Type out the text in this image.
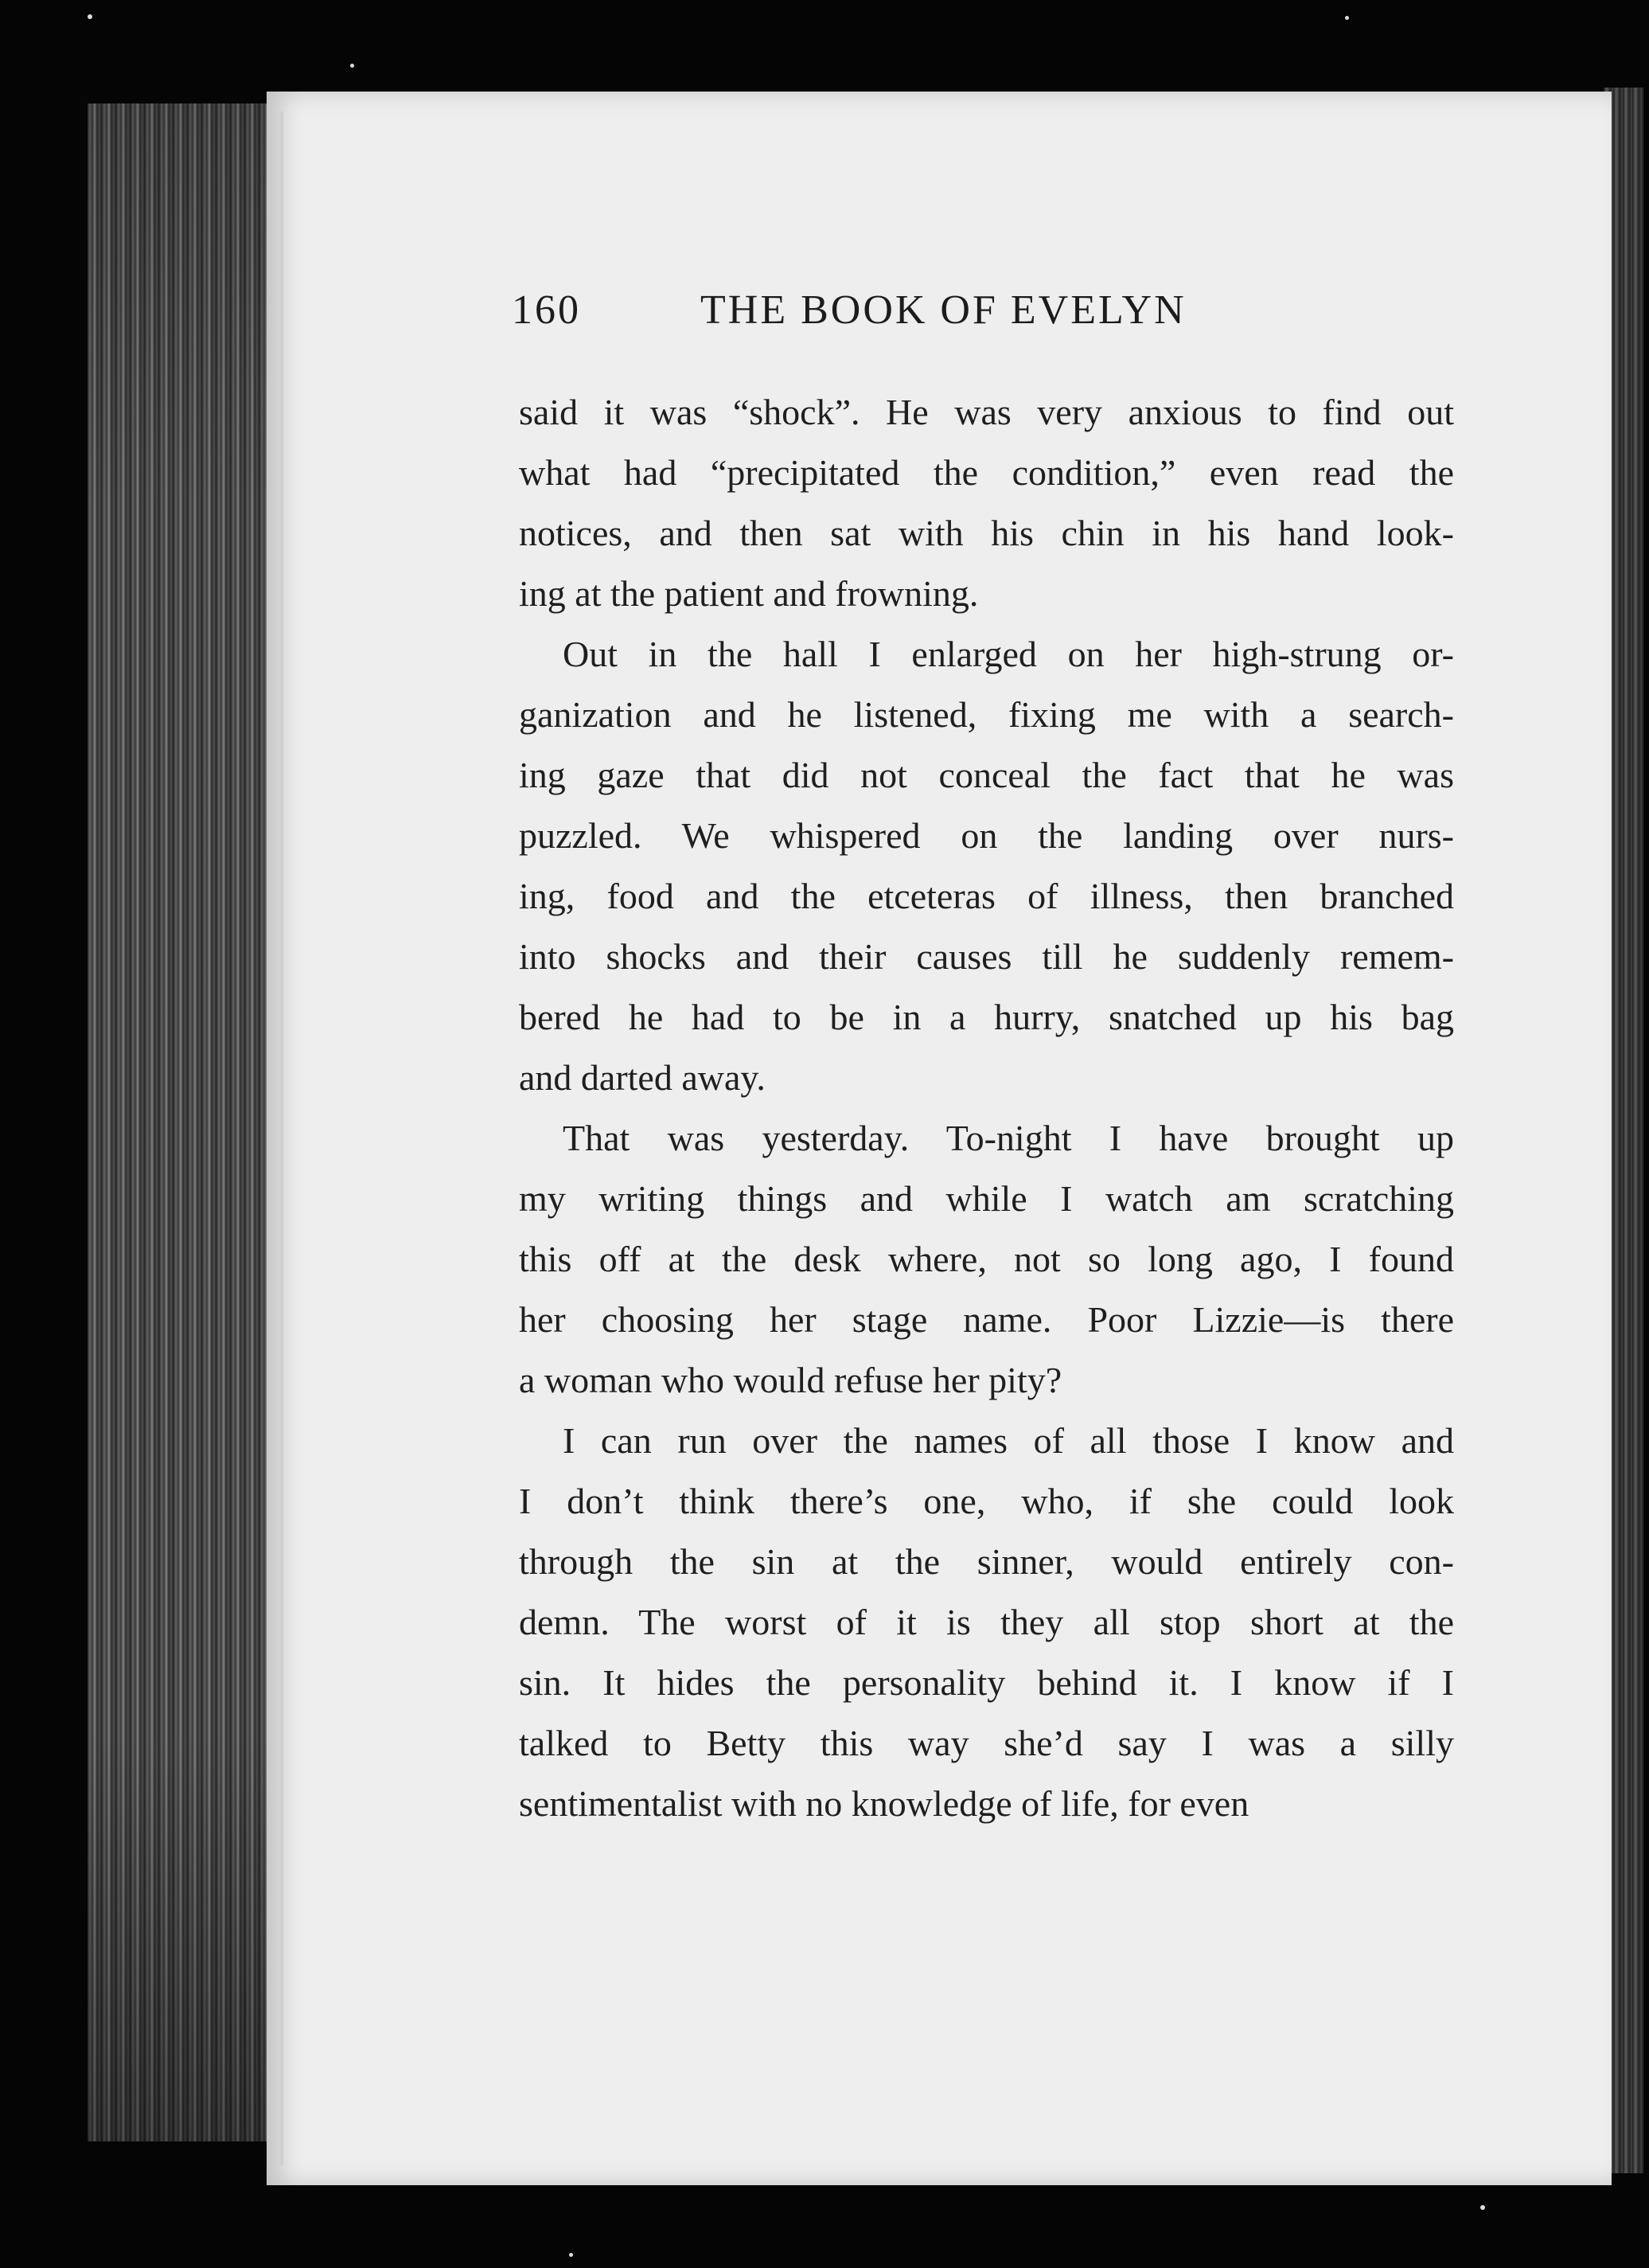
160	THE BOOK OF EVELYN
said it was “shock”. He was very anxious to find out
what had “precipitated the condition,” even read the
notices, and then sat with his chin in his hand look-
ing at the patient and frowning.
Out in the hall I enlarged on her high-strung or-
ganization and he listened, fixing me with a search-
ing gaze that did not conceal the fact that he was
puzzled. We whispered on the landing over nurs-
ing, food and the etceteras of illness, then branched
into shocks and their causes till he suddenly remem-
bered he had to be in a hurry, snatched up his bag
and darted away.
That was yesterday. To-night I have brought up
my writing things and while I watch am scratching
this off at the desk where, not so long ago, I found
her choosing her stage name. Poor Lizzie—is there
a woman who would refuse her pity?
I can run over the names of all those I know and
I don’t think there’s one, who, if she could look
through the sin at the sinner, would entirely con-
demn. The worst of it is they all stop short at the
sin. It hides the personality behind it. I know if I
talked to Betty this way she’d say I was a silly
sentimentalist with no knowledge of life, for even
